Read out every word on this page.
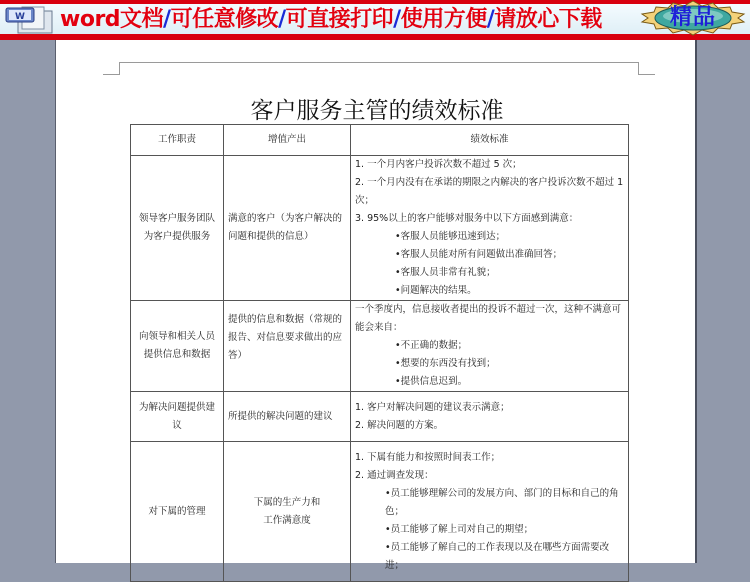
W word文档/可任意修改/可直接打印/使用方便/请放心下载	精品
客户服务主管的绩效标准
工作职责	增值产出	绩效标准
领导客户服务团队为客户提供服务	满意的客户（为客户解决的问题和提供的信息）	
1. 一个月内客户投诉次数不超过 5 次；
2. 一个月内没有在承诺的期限之内解决的客户投诉次数不超过 1 次；
3. 95%以上的客户能够对服务中以下方面感到满意：
•客服人员能够迅速到达；
•客服人员能对所有问题做出准确回答；
•客服人员非常有礼貌；
•问题解决的结果。

向领导和相关人员提供信息和数据	提供的信息和数据（常规的报告、对信息要求做出的应答）	一个季度内，信息接收者提出的投诉不超过一次，这种不满意可能会来自：
•不正确的数据；
•想要的东西没有找到；
•提供信息迟到。

为解决问题提供建议	所提供的解决问题的建议	1. 客户对解决问题的建议表示满意；
2. 解决问题的方案。

对下属的管理	下属的生产力和工作满意度	1. 下属有能力和按照时间表工作；
2. 通过调查发现：
•员工能够理解公司的发展方向、部门的目标和自己的角色；
•员工能够了解上司对自己的期望；
•员工能够了解自己的工作表现以及在哪些方面需要改进；
